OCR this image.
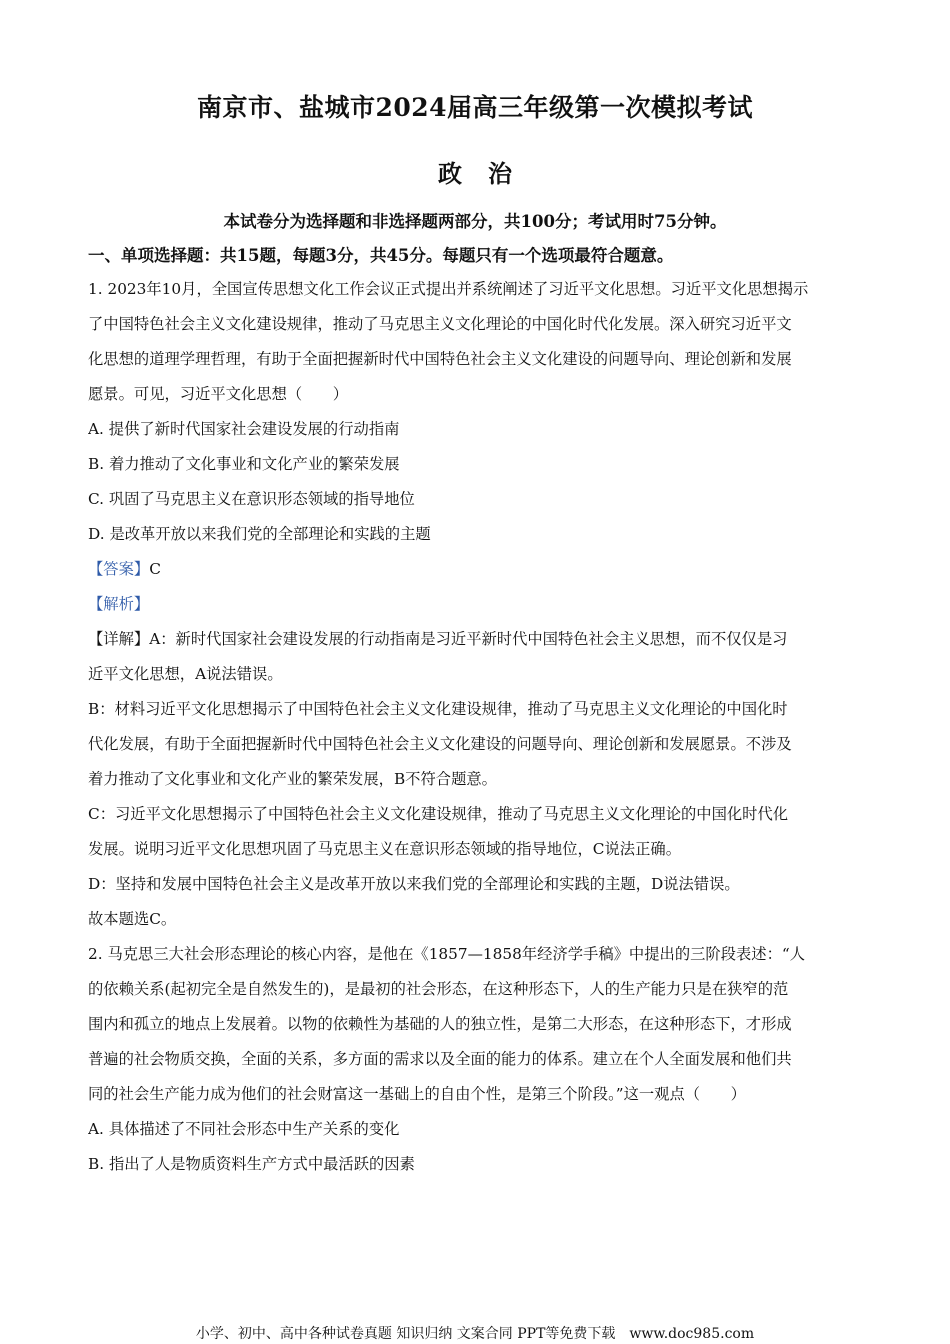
南京市、盐城市2024届高三年级第一次模拟考试
政治
本试卷分为选择题和非选择题两部分，共100分；考试用时75分钟。
一、单项选择题：共15题，每题3分，共45分。每题只有一个选项最符合题意。
1. 2023年10月，全国宣传思想文化工作会议正式提出并系统阐述了习近平文化思想。习近平文化思想揭示
了中国特色社会主义文化建设规律，推动了马克思主义文化理论的中国化时代化发展。深入研究习近平文
化思想的道理学理哲理，有助于全面把握新时代中国特色社会主义文化建设的问题导向、理论创新和发展
愿景。可见，习近平文化思想（　　）
A. 提供了新时代国家社会建设发展的行动指南
B. 着力推动了文化事业和文化产业的繁荣发展
C. 巩固了马克思主义在意识形态领域的指导地位
D. 是改革开放以来我们党的全部理论和实践的主题
【答案】C
【解析】
【详解】A：新时代国家社会建设发展的行动指南是习近平新时代中国特色社会主义思想，而不仅仅是习
近平文化思想，A说法错误。
B：材料习近平文化思想揭示了中国特色社会主义文化建设规律，推动了马克思主义文化理论的中国化时
代化发展，有助于全面把握新时代中国特色社会主义文化建设的问题导向、理论创新和发展愿景。不涉及
着力推动了文化事业和文化产业的繁荣发展，B不符合题意。
C：习近平文化思想揭示了中国特色社会主义文化建设规律，推动了马克思主义文化理论的中国化时代化
发展。说明习近平文化思想巩固了马克思主义在意识形态领域的指导地位，C说法正确。
D：坚持和发展中国特色社会主义是改革开放以来我们党的全部理论和实践的主题，D说法错误。
故本题选C。
2. 马克思三大社会形态理论的核心内容，是他在《1857—1858年经济学手稿》中提出的三阶段表述：“人
的依赖关系(起初完全是自然发生的)，是最初的社会形态，在这种形态下，人的生产能力只是在狭窄的范
围内和孤立的地点上发展着。以物的依赖性为基础的人的独立性，是第二大形态，在这种形态下，才形成
普遍的社会物质交换，全面的关系，多方面的需求以及全面的能力的体系。建立在个人全面发展和他们共
同的社会生产能力成为他们的社会财富这一基础上的自由个性，是第三个阶段。”这一观点（　　）
A. 具体描述了不同社会形态中生产关系的变化
B. 指出了人是物质资料生产方式中最活跃的因素
小学、初中、高中各种试卷真题 知识归纳 文案合同 PPT等免费下载 www.doc985.com
